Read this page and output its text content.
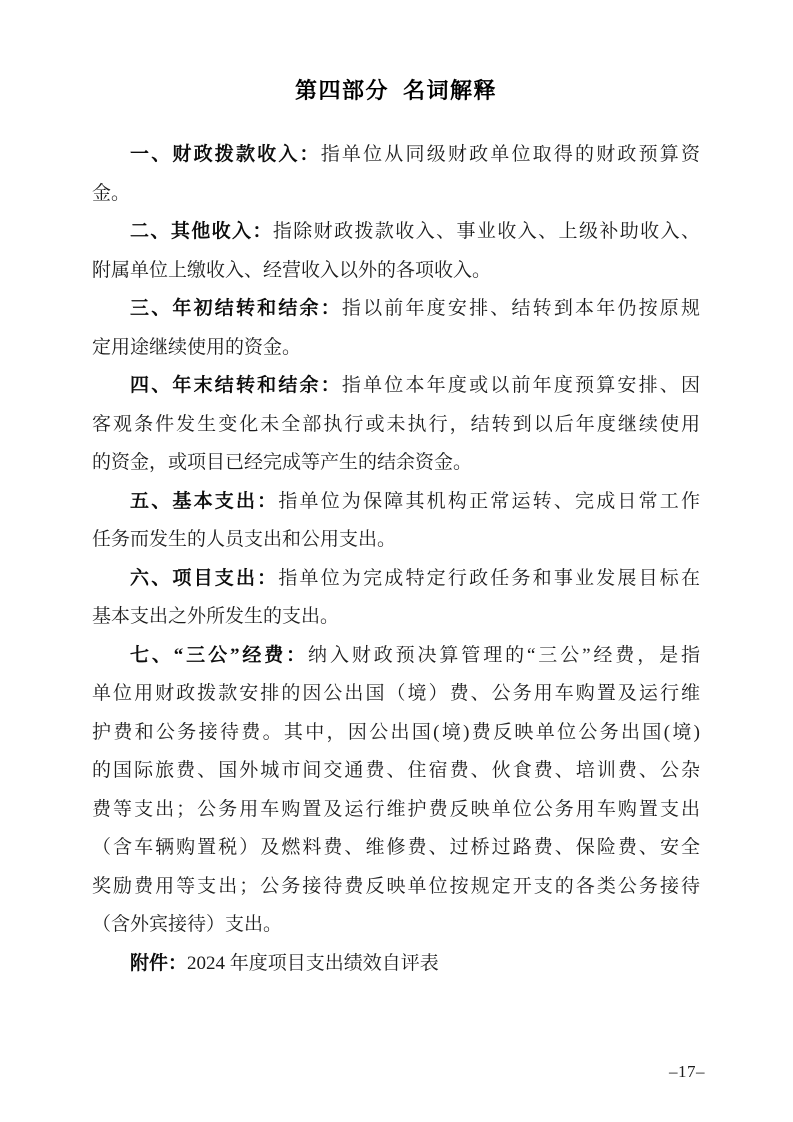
第四部分 名词解释
一、财政拨款收入：指单位从同级财政单位取得的财政预算资
金。
二、其他收入：指除财政拨款收入、事业收入、上级补助收入、
附属单位上缴收入、经营收入以外的各项收入。
三、年初结转和结余：指以前年度安排、结转到本年仍按原规
定用途继续使用的资金。
四、年末结转和结余：指单位本年度或以前年度预算安排、因
客观条件发生变化未全部执行或未执行，结转到以后年度继续使用
的资金，或项目已经完成等产生的结余资金。
五、基本支出：指单位为保障其机构正常运转、完成日常工作
任务而发生的人员支出和公用支出。
六、项目支出：指单位为完成特定行政任务和事业发展目标在
基本支出之外所发生的支出。
七、“三公”经费：纳入财政预决算管理的“三公”经费，是指
单位用财政拨款安排的因公出国（境）费、公务用车购置及运行维
护费和公务接待费。其中，因公出国(境)费反映单位公务出国(境)
的国际旅费、国外城市间交通费、住宿费、伙食费、培训费、公杂
费等支出；公务用车购置及运行维护费反映单位公务用车购置支出
（含车辆购置税）及燃料费、维修费、过桥过路费、保险费、安全
奖励费用等支出；公务接待费反映单位按规定开支的各类公务接待
（含外宾接待）支出。
附件：2024 年度项目支出绩效自评表
–17–
